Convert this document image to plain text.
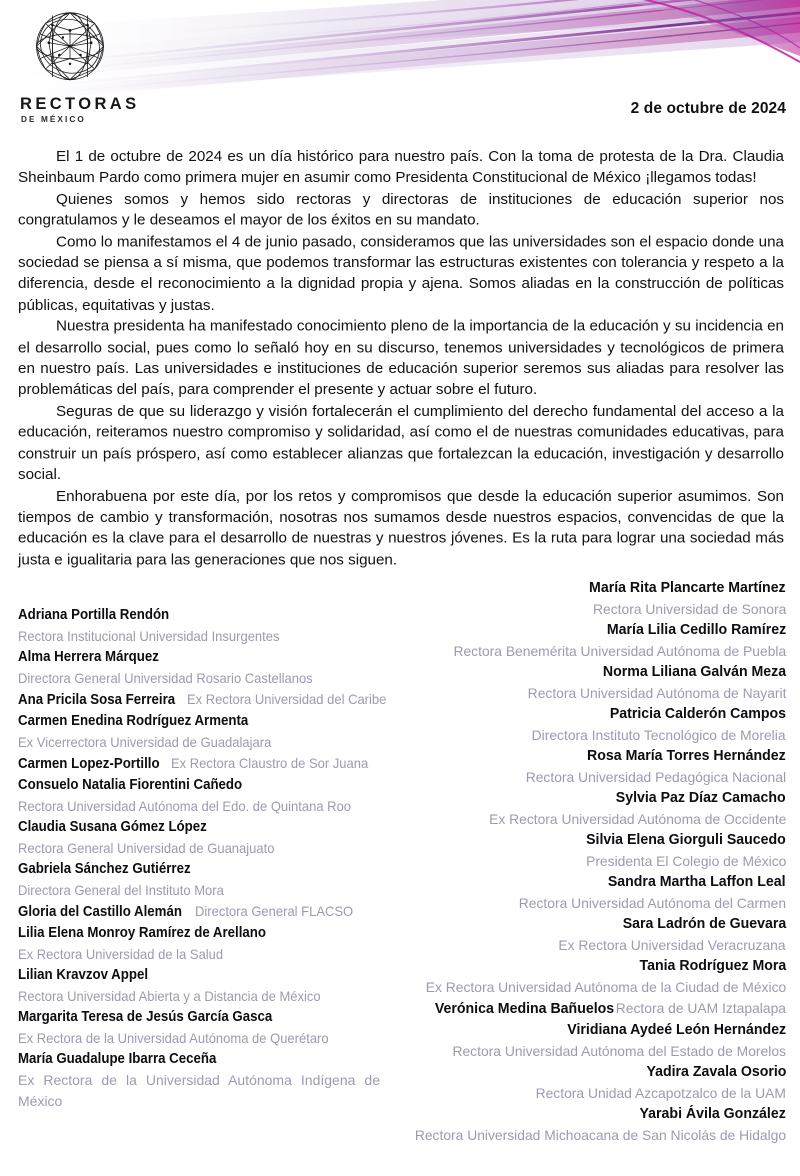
RECTORAS
DE MÉXICO
2 de octubre de 2024

El 1 de octubre de 2024 es un día histórico para nuestro país. Con la toma de protesta de la Dra. Claudia Sheinbaum Pardo como primera mujer en asumir como Presidenta Constitucional de México ¡llegamos todas!

Quienes somos y hemos sido rectoras y directoras de instituciones de educación superior nos congratulamos y le deseamos el mayor de los éxitos en su mandato.

Como lo manifestamos el 4 de junio pasado, consideramos que las universidades son el espacio donde una sociedad se piensa a sí misma, que podemos transformar las estructuras existentes con tolerancia y respeto a la diferencia, desde el reconocimiento a la dignidad propia y ajena. Somos aliadas en la construcción de políticas públicas, equitativas y justas.

Nuestra presidenta ha manifestado conocimiento pleno de la importancia de la educación y su incidencia en el desarrollo social, pues como lo señaló hoy en su discurso, tenemos universidades y tecnológicos de primera en nuestro país. Las universidades e instituciones de educación superior seremos sus aliadas para resolver las problemáticas del país, para comprender el presente y actuar sobre el futuro.

Seguras de que su liderazgo y visión fortalecerán el cumplimiento del derecho fundamental del acceso a la educación, reiteramos nuestro compromiso y solidaridad, así como el de nuestras comunidades educativas, para construir un país próspero, así como establecer alianzas que fortalezcan la educación, investigación y desarrollo social.

Enhorabuena por este día, por los retos y compromisos que desde la educación superior asumimos. Son tiempos de cambio y transformación, nosotras nos sumamos desde nuestros espacios, convencidas de que la educación es la clave para el desarrollo de nuestras y nuestros jóvenes. Es la ruta para lograr una sociedad más justa e igualitaria para las generaciones que nos siguen.

Adriana Portilla RendónRectora Institucional Universidad Insurgentes
Alma Herrera MárquezDirectora General Universidad Rosario Castellanos
Ana Pricila Sosa Ferreira Ex Rectora Universidad del Caribe
Carmen Enedina Rodríguez ArmentaEx Vicerrectora Universidad de Guadalajara
Carmen Lopez-Portillo Ex Rectora Claustro de Sor Juana
Consuelo Natalia Fiorentini CañedoRectora Universidad Autónoma del Edo. de Quintana Roo
Claudia Susana Gómez LópezRectora General Universidad de Guanajuato
Gabriela Sánchez GutiérrezDirectora General del Instituto Mora
Gloria del Castillo Alemán Directora General FLACSO
Lilia Elena Monroy Ramírez de ArellanoEx Rectora Universidad de la Salud
Lilian Kravzov AppelRectora Universidad Abierta y a Distancia de México
Margarita Teresa de Jesús García GascaEx Rectora de la Universidad Autónoma de Querétaro
María Guadalupe Ibarra Ceceña
Ex Rectora de la Universidad Autónoma Indígena de México
María Rita Plancarte MartínezRectora Universidad de Sonora
María Lilia Cedillo RamírezRectora Benemérita Universidad Autónoma de Puebla
Norma Liliana Galván MezaRectora Universidad Autónoma de Nayarit
Patricia Calderón CamposDirectora Instituto Tecnológico de Morelia
Rosa María Torres HernándezRectora Universidad Pedagógica Nacional
Sylvia Paz Díaz CamachoEx Rectora Universidad Autónoma de Occidente
Silvia Elena Giorguli SaucedoPresidenta El Colegio de México
Sandra Martha Laffon LealRectora Universidad Autónoma del Carmen
Sara Ladrón de GuevaraEx Rectora Universidad Veracruzana
Tania Rodríguez MoraEx Rectora Universidad Autónoma de la Ciudad de México
Verónica Medina Bañuelos Rectora de UAM Iztapalapa
Viridiana Aydeé León HernándezRectora Universidad Autónoma del Estado de Morelos
Yadira Zavala OsorioRectora Unidad Azcapotzalco de la UAM
Yarabi Ávila GonzálezRectora Universidad Michoacana de San Nicolás de Hidalgo
